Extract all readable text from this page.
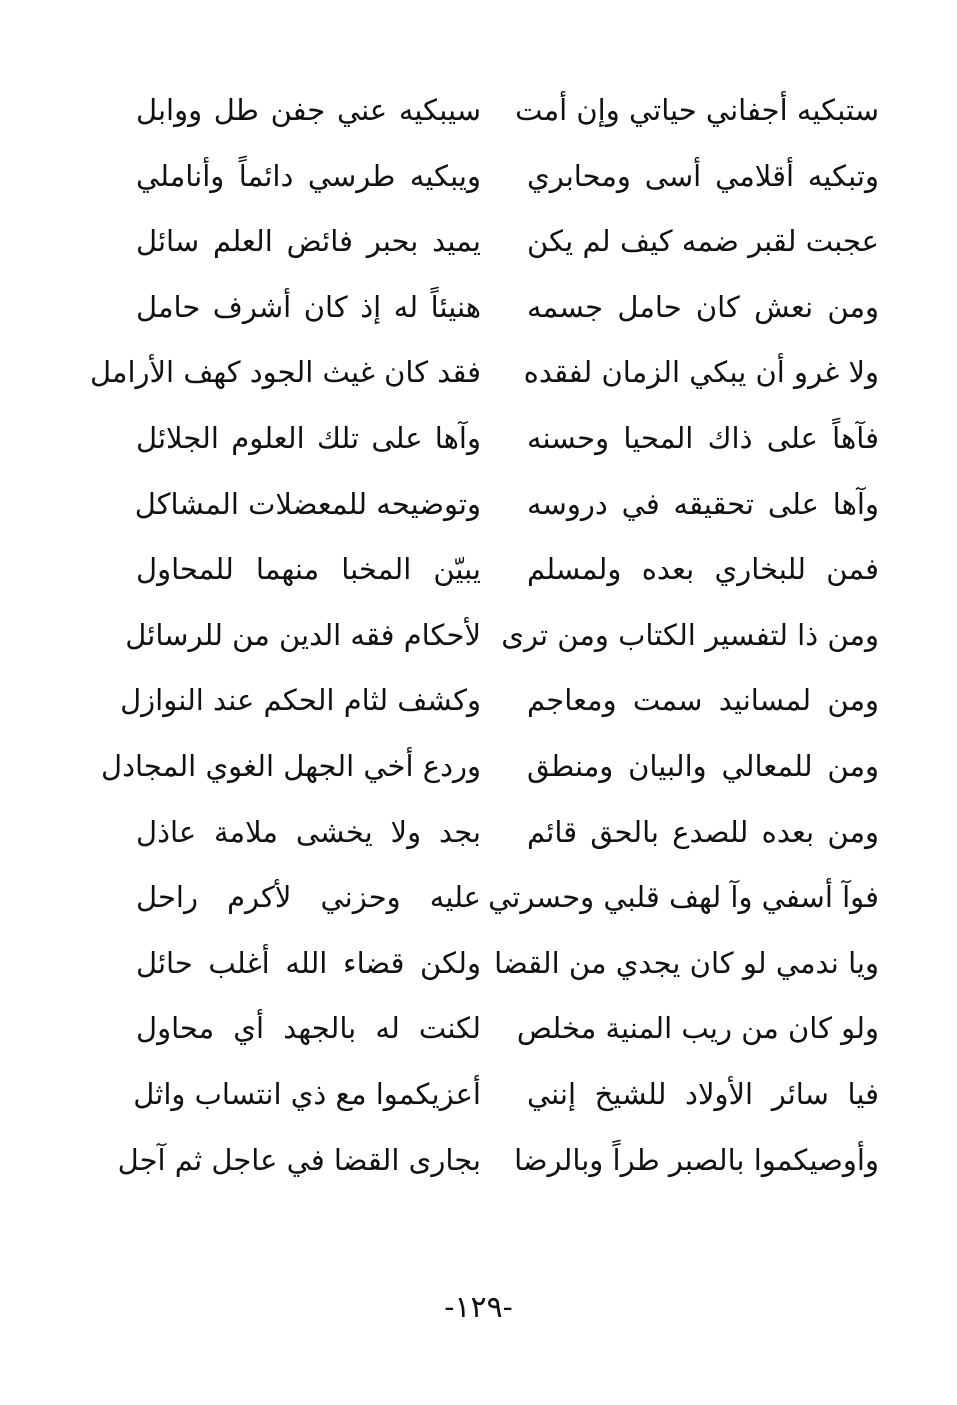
ستبكيه أجفاني حياتي وإن أمت
سيبكيه عني جفن طل ووابل
وتبكيه أقلامي أسى ومحابري
ويبكيه طرسي دائماً وأناملي
عجبت لقبر ضمه كيف لم يكن
يميد بحبر فائض العلم سائل
ومن نعش كان حامل جسمه
هنيئاً له إذ كان أشرف حامل
ولا غرو أن يبكي الزمان لفقده
فقد كان غيث الجود كهف الأرامل
فآهاً على ذاك المحيا وحسنه
وآها على تلك العلوم الجلائل
وآها على تحقيقه في دروسه
وتوضيحه للمعضلات المشاكل
فمن للبخاري بعده ولمسلم
يبيّن المخبا منهما للمحاول
ومن ذا لتفسير الكتاب ومن ترى
لأحكام فقه الدين من للرسائل
ومن لمسانيد سمت ومعاجم
وكشف لثام الحكم عند النوازل
ومن للمعالي والبيان ومنطق
وردع أخي الجهل الغوي المجادل
ومن بعده للصدع بالحق قائم
بجد ولا يخشى ملامة عاذل
فوآ أسفي وآ لهف قلبي وحسرتي
عليه وحزني لأكرم راحل
ويا ندمي لو كان يجدي من القضا
ولكن قضاء الله أغلب حائل
ولو كان من ريب المنية مخلص
لكنت له بالجهد أي محاول
فيا سائر الأولاد للشيخ إنني
أعزيكموا مع ذي انتساب واثل
وأوصيكموا بالصبر طراً وبالرضا
بجارى القضا في عاجل ثم آجل
-١٢٩-
